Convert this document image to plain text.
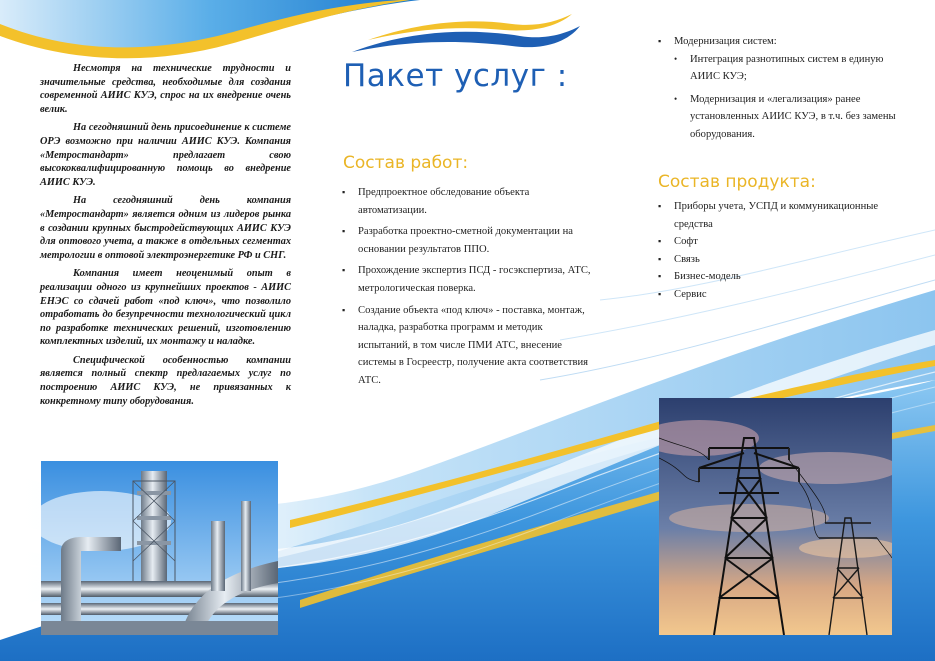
Несмотря на технические трудности и значительные средства, необходимые для создания современной АИИС КУЭ, спрос на их внедрение очень велик.

На сегодняшний день присоединение к системе ОРЭ возможно при наличии АИИС КУЭ. Компания «Метростандарт» предлагает свою высококвалифицированную помощь во внедрение АИИС КУЭ.

На сегодняшний день компания «Метростандарт» является одним из лидеров рынка в создании крупных быстродействующих АИИС КУЭ для оптового учета, а также в отдельных сегментах метрологии в оптовой электроэнергетике РФ и СНГ.

Компания имеет неоценимый опыт в реализации одного из крупнейших проектов - АИИС ЕНЭС со сдачей работ «под ключ», что позволило отработать до безупречности технологический цикл по разработке технических решений, изготовлению комплектных изделий, их монтажу и наладке.

Специфической особенностью компании является полный спектр предлагаемых услуг по построению АИИС КУЭ, не привязанных к конкретному типу оборудования.

Пакет услуг :
Состав работ:
▪ Предпроектное обследование объекта автоматизации.
▪ Разработка проектно-сметной документации на основании результатов ППО.
▪ Прохождение экспертиз ПСД - госэкспертиза, АТС, метрологическая поверка.
▪ Создание объекта «под ключ» - поставка, монтаж, наладка, разработка программ и методик испытаний, в том числе ПМИ АТС, внесение системы в Госреестр, получение акта соответствия АТС.
▪ Модернизация систем:
• Интеграция разнотипных систем в единую АИИС КУЭ;
• Модернизация и «легализация» ранее установленных АИИС КУЭ, в т.ч. без замены оборудования.
Состав продукта:
▪ Приборы учета, УСПД и коммуникационные средства
▪ Софт
▪ Связь
▪ Бизнес-модель
▪ Сервис
